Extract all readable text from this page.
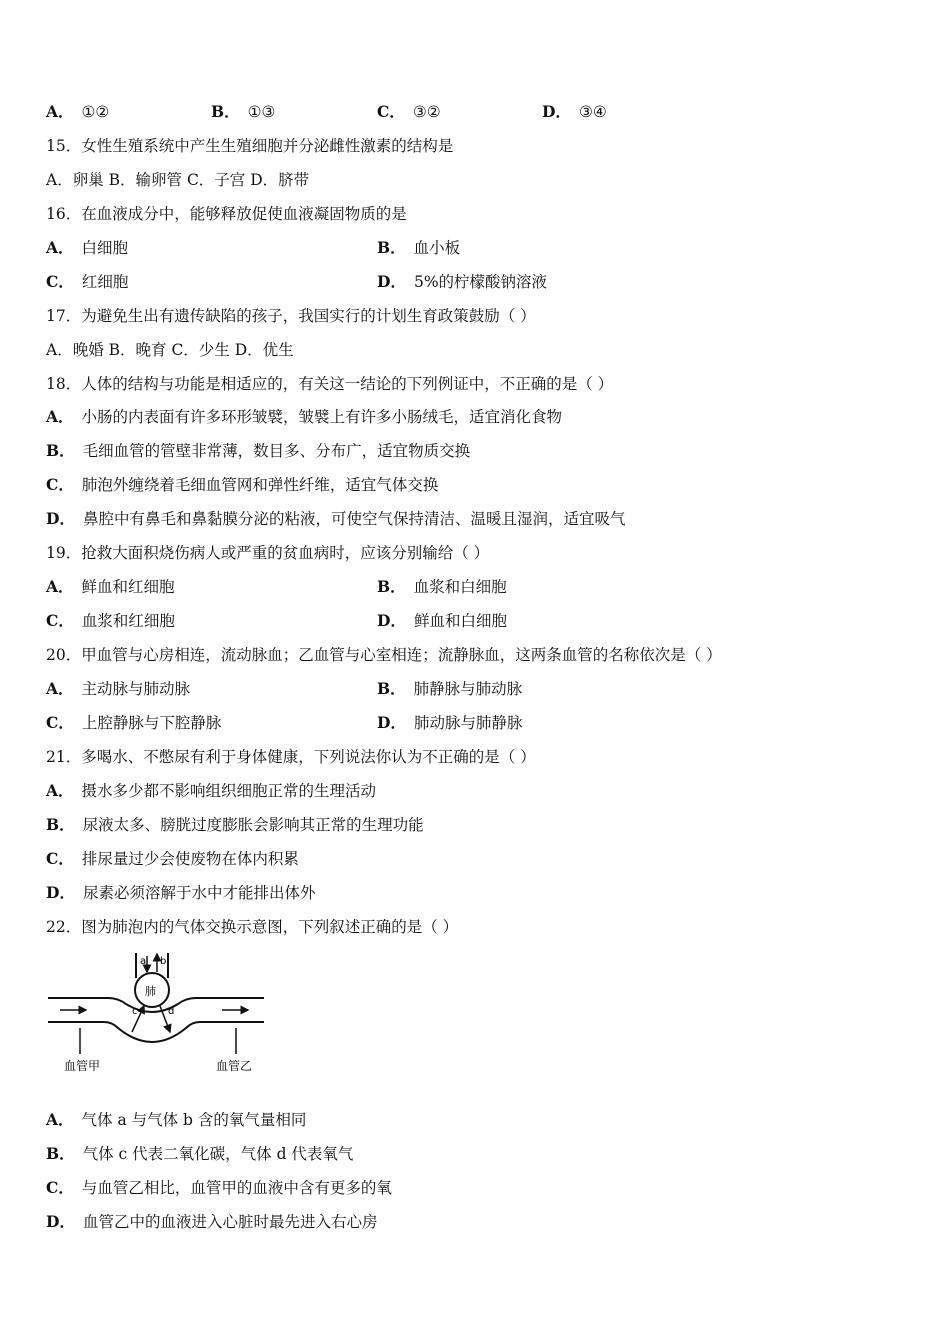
A． ①②	B． ①③	C． ③②	D． ③④
15．女性生殖系统中产生生殖细胞并分泌雌性激素的结构是
A．卵巢 B．输卵管 C．子宫 D．脐带
16．在血液成分中，能够释放促使血液凝固物质的是
A． 白细胞	B． 血小板
C． 红细胞	D． 5%的柠檬酸钠溶液
17．为避免生出有遗传缺陷的孩子，我国实行的计划生育政策鼓励（ ）
A．晚婚 B．晚育 C．少生 D．优生
18．人体的结构与功能是相适应的，有关这一结论的下列例证中，不正确的是（ ）
A． 小肠的内表面有许多环形皱襞，皱襞上有许多小肠绒毛，适宜消化食物
B． 毛细血管的管壁非常薄，数目多、分布广，适宜物质交换
C． 肺泡外缠绕着毛细血管网和弹性纤维，适宜气体交换
D． 鼻腔中有鼻毛和鼻黏膜分泌的粘液，可使空气保持清洁、温暖且湿润，适宜吸气
19．抢救大面积烧伤病人或严重的贫血病时，应该分别输给（ ）
A． 鲜血和红细胞	B． 血浆和白细胞
C． 血浆和红细胞	D． 鲜血和白细胞
20．甲血管与心房相连，流动脉血；乙血管与心室相连；流静脉血，这两条血管的名称依次是（ ）
A． 主动脉与肺动脉	B． 肺静脉与肺动脉
C． 上腔静脉与下腔静脉	D． 肺动脉与肺静脉
21．多喝水、不憋尿有利于身体健康，下列说法你认为不正确的是（ ）
A． 摄水多少都不影响组织细胞正常的生理活动
B． 尿液太多、膀胱过度膨胀会影响其正常的生理功能
C． 排尿量过少会使废物在体内积累
D． 尿素必须溶解于水中才能排出体外
22．图为肺泡内的气体交换示意图，下列叙述正确的是（ ）
a b
肺
c	d
血管甲	血管乙
A． 气体 a 与气体 b 含的氧气量相同
B． 气体 c 代表二氧化碳，气体 d 代表氧气
C． 与血管乙相比，血管甲的血液中含有更多的氧
D． 血管乙中的血液进入心脏时最先进入右心房
